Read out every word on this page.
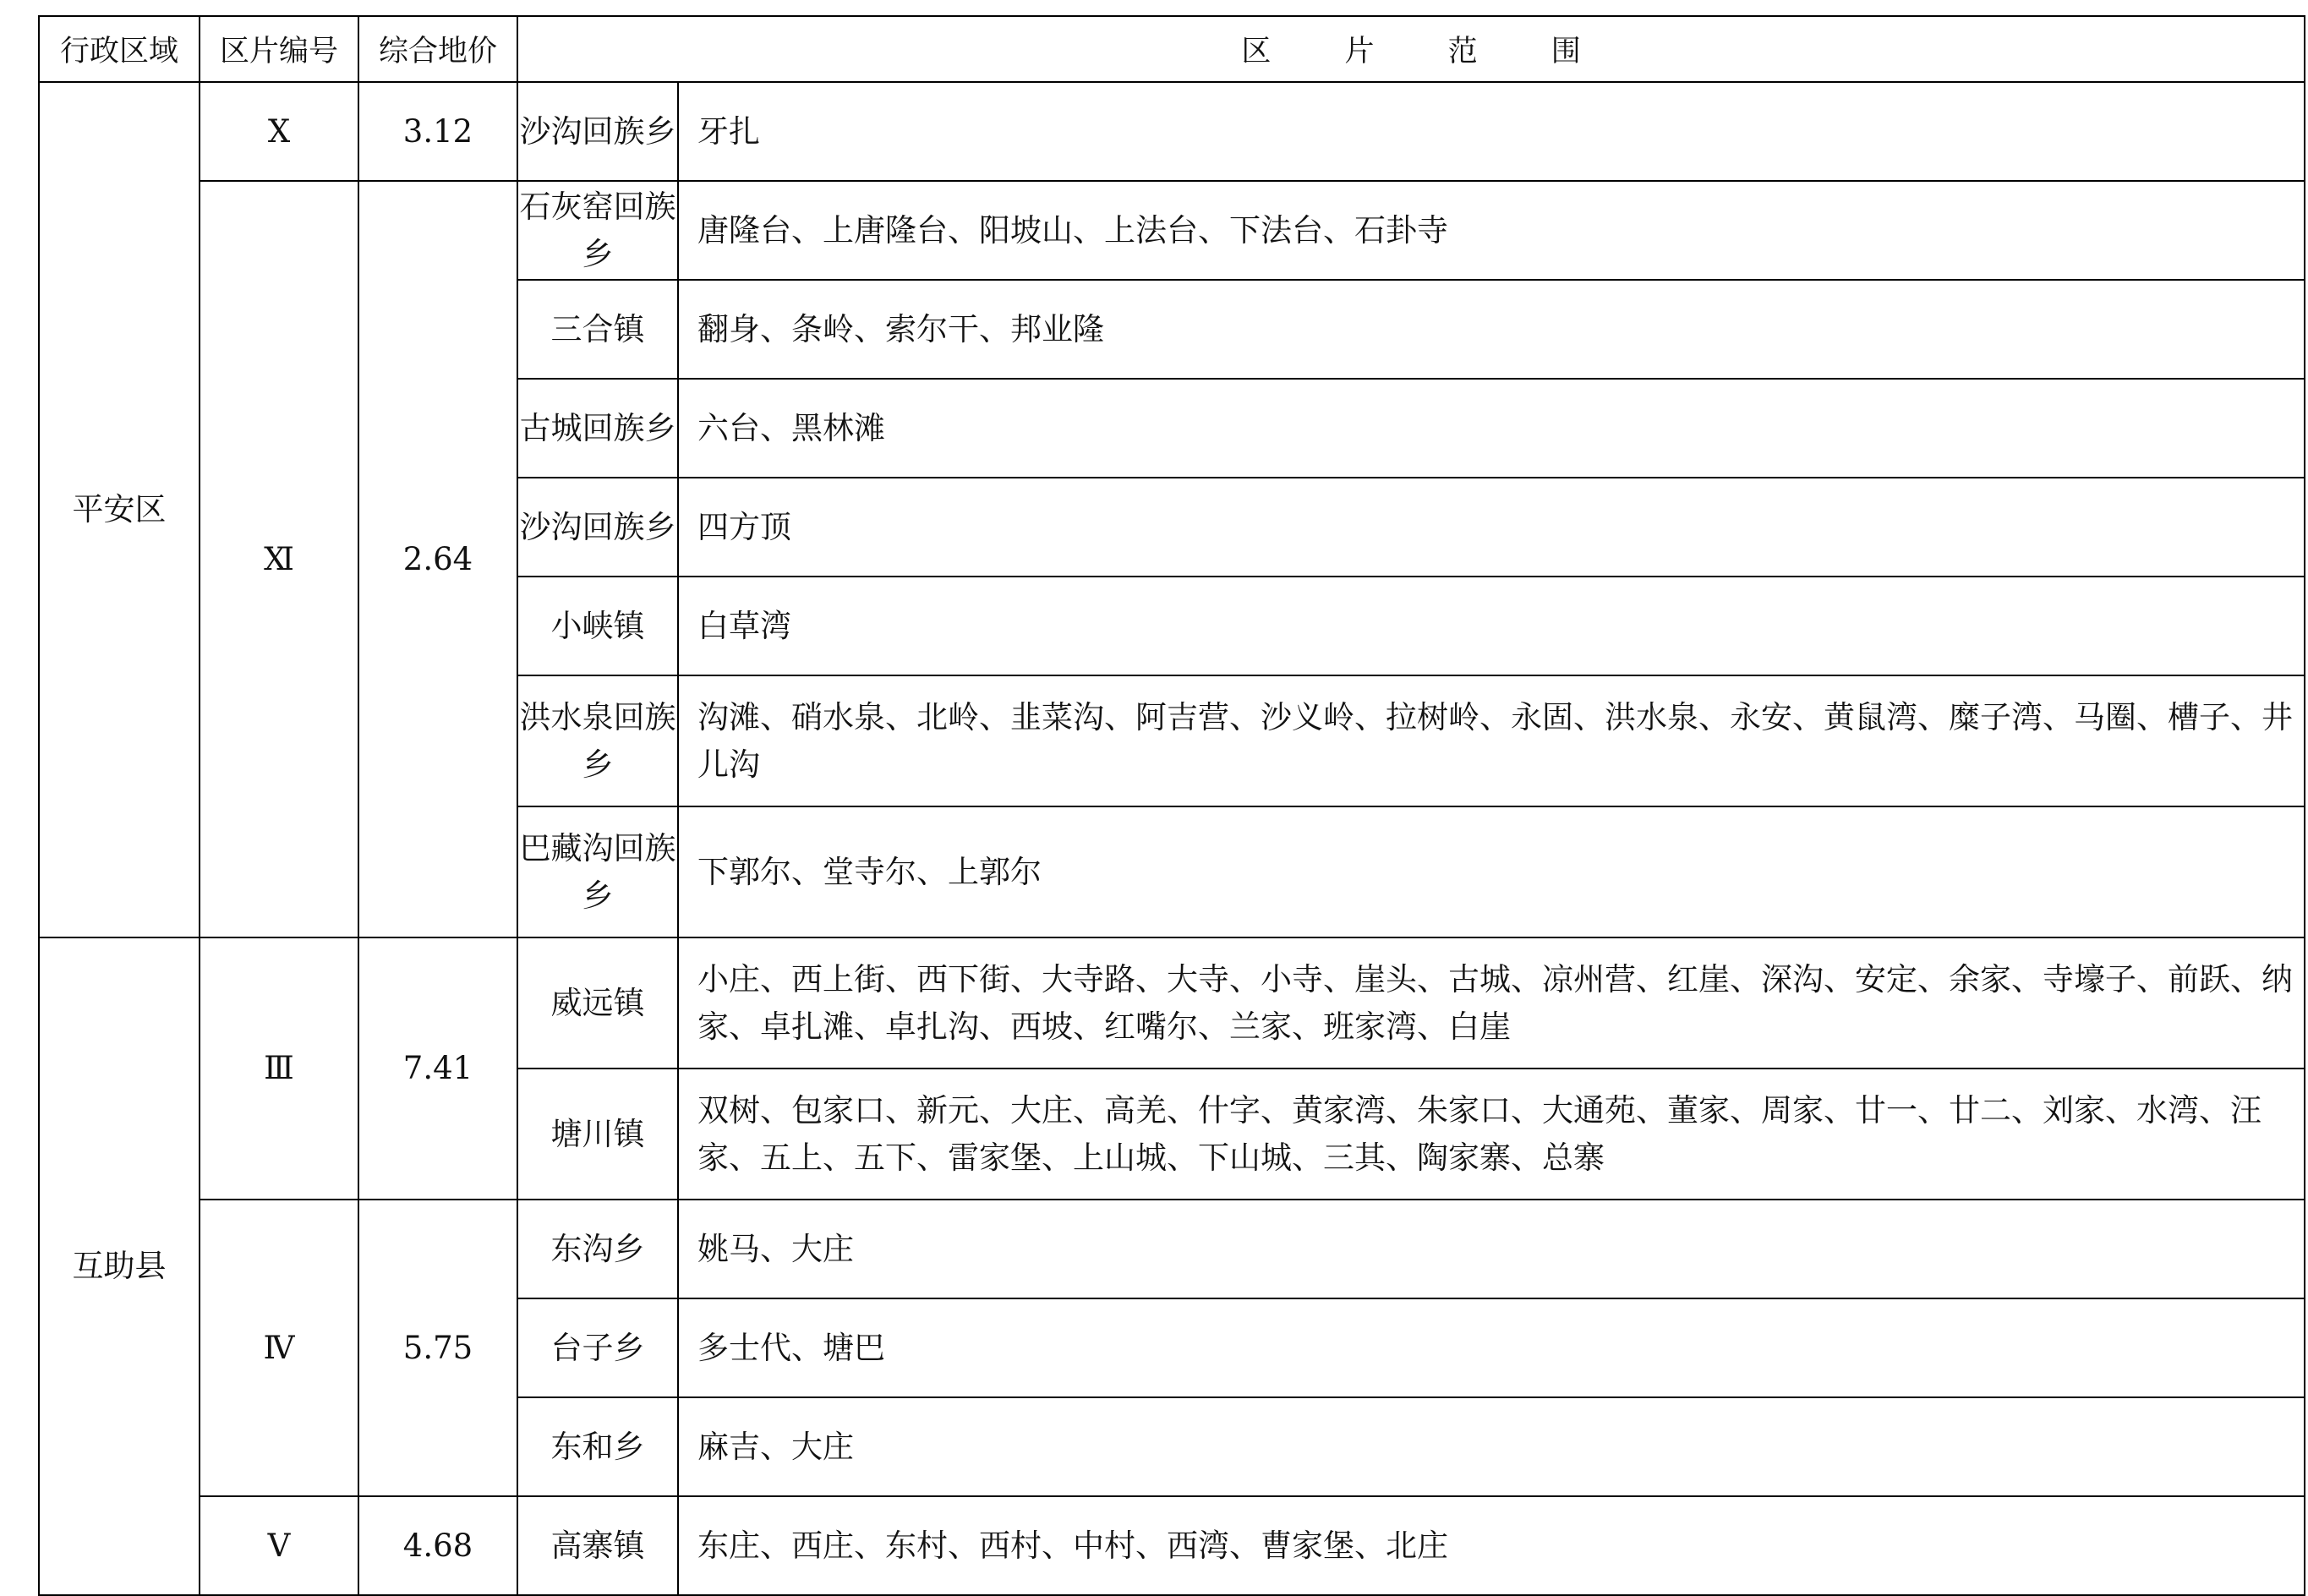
行政区域	区片编号	综合地价	区 片 范 围	
平安区	Ⅹ	3.12	沙沟回族乡	牙扎
	Ⅺ	2.64	石灰窑回族乡	唐隆台、上唐隆台、阳坡山、上法台、下法台、石卦寺
			三合镇	翻身、条岭、索尔干、邦业隆
			古城回族乡	六台、黑林滩
			沙沟回族乡	四方顶
			小峡镇	白草湾
			洪水泉回族乡	沟滩、硝水泉、北岭、韭菜沟、阿吉营、沙义岭、拉树岭、永固、洪水泉、永安、黄鼠湾、糜子湾、马圈、槽子、井儿沟
			巴藏沟回族乡	下郭尔、堂寺尔、上郭尔
互助县	Ⅲ	7.41	威远镇	小庄、西上街、西下街、大寺路、大寺、小寺、崖头、古城、凉州营、红崖、深沟、安定、余家、寺壕子、前跃、纳家、卓扎滩、卓扎沟、西坡、红嘴尔、兰家、班家湾、白崖
			塘川镇	双树、包家口、新元、大庄、高羌、什字、黄家湾、朱家口、大通苑、董家、周家、廿一、廿二、刘家、水湾、汪家、五上、五下、雷家堡、上山城、下山城、三其、陶家寨、总寨
	Ⅳ	5.75	东沟乡	姚马、大庄
			台子乡	多士代、塘巴
			东和乡	麻吉、大庄
	Ⅴ	4.68	高寨镇	东庄、西庄、东村、西村、中村、西湾、曹家堡、北庄
